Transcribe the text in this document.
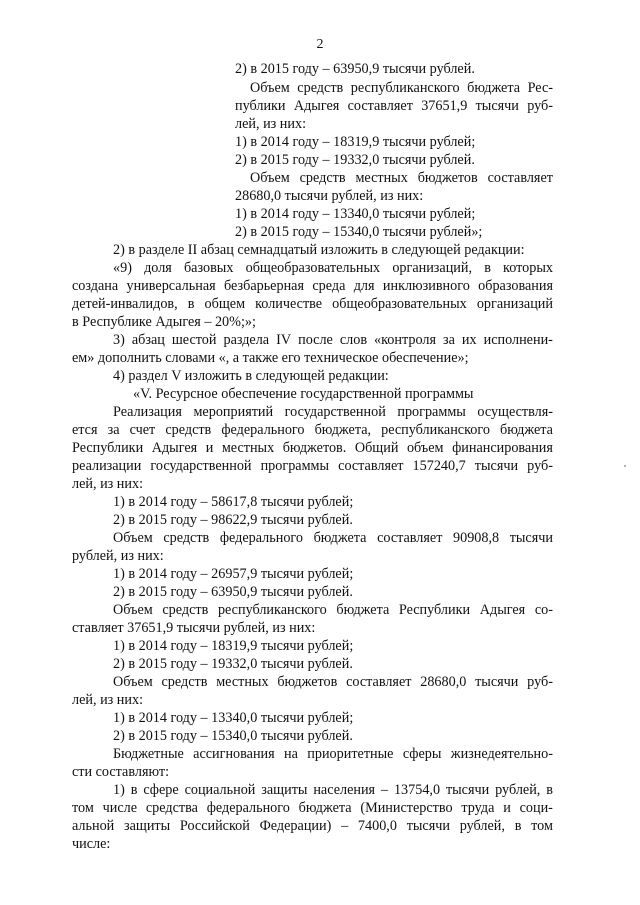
2
2) в 2015 году – 63950,9 тысячи рублей.
Объем средств республиканского бюджета Рес-
публики Адыгея составляет 37651,9 тысячи руб-
лей, из них:
1) в 2014 году – 18319,9 тысячи рублей;
2) в 2015 году – 19332,0 тысячи рублей.
Объем средств местных бюджетов составляет
28680,0 тысячи рублей, из них:
1) в 2014 году – 13340,0 тысячи рублей;
2) в 2015 году – 15340,0 тысячи рублей»;
2) в разделе II абзац семнадцатый изложить в следующей редакции:
«9) доля базовых общеобразовательных организаций, в которых
создана универсальная безбарьерная среда для инклюзивного образования
детей-инвалидов, в общем количестве общеобразовательных организаций
в Республике Адыгея – 20%;»;
3) абзац шестой раздела IV после слов «контроля за их исполнени-
ем» дополнить словами «, а также его техническое обеспечение»;
4) раздел V изложить в следующей редакции:
«V. Ресурсное обеспечение государственной программы
Реализация мероприятий государственной программы осуществля-
ется за счет средств федерального бюджета, республиканского бюджета
Республики Адыгея и местных бюджетов. Общий объем финансирования
реализации государственной программы составляет 157240,7 тысячи руб-
лей, из них:
1) в 2014 году – 58617,8 тысячи рублей;
2) в 2015 году – 98622,9 тысячи рублей.
Объем средств федерального бюджета составляет 90908,8 тысячи
рублей, из них:
1) в 2014 году – 26957,9 тысячи рублей;
2) в 2015 году – 63950,9 тысячи рублей.
Объем средств республиканского бюджета Республики Адыгея со-
ставляет 37651,9 тысячи рублей, из них:
1) в 2014 году – 18319,9 тысячи рублей;
2) в 2015 году – 19332,0 тысячи рублей.
Объем средств местных бюджетов составляет 28680,0 тысячи руб-
лей, из них:
1) в 2014 году – 13340,0 тысячи рублей;
2) в 2015 году – 15340,0 тысячи рублей.
Бюджетные ассигнования на приоритетные сферы жизнедеятельно-
сти составляют:
1) в сфере социальной защиты населения – 13754,0 тысячи рублей, в
том числе средства федерального бюджета (Министерство труда и соци-
альной защиты Российской Федерации) – 7400,0 тысячи рублей, в том
числе:
